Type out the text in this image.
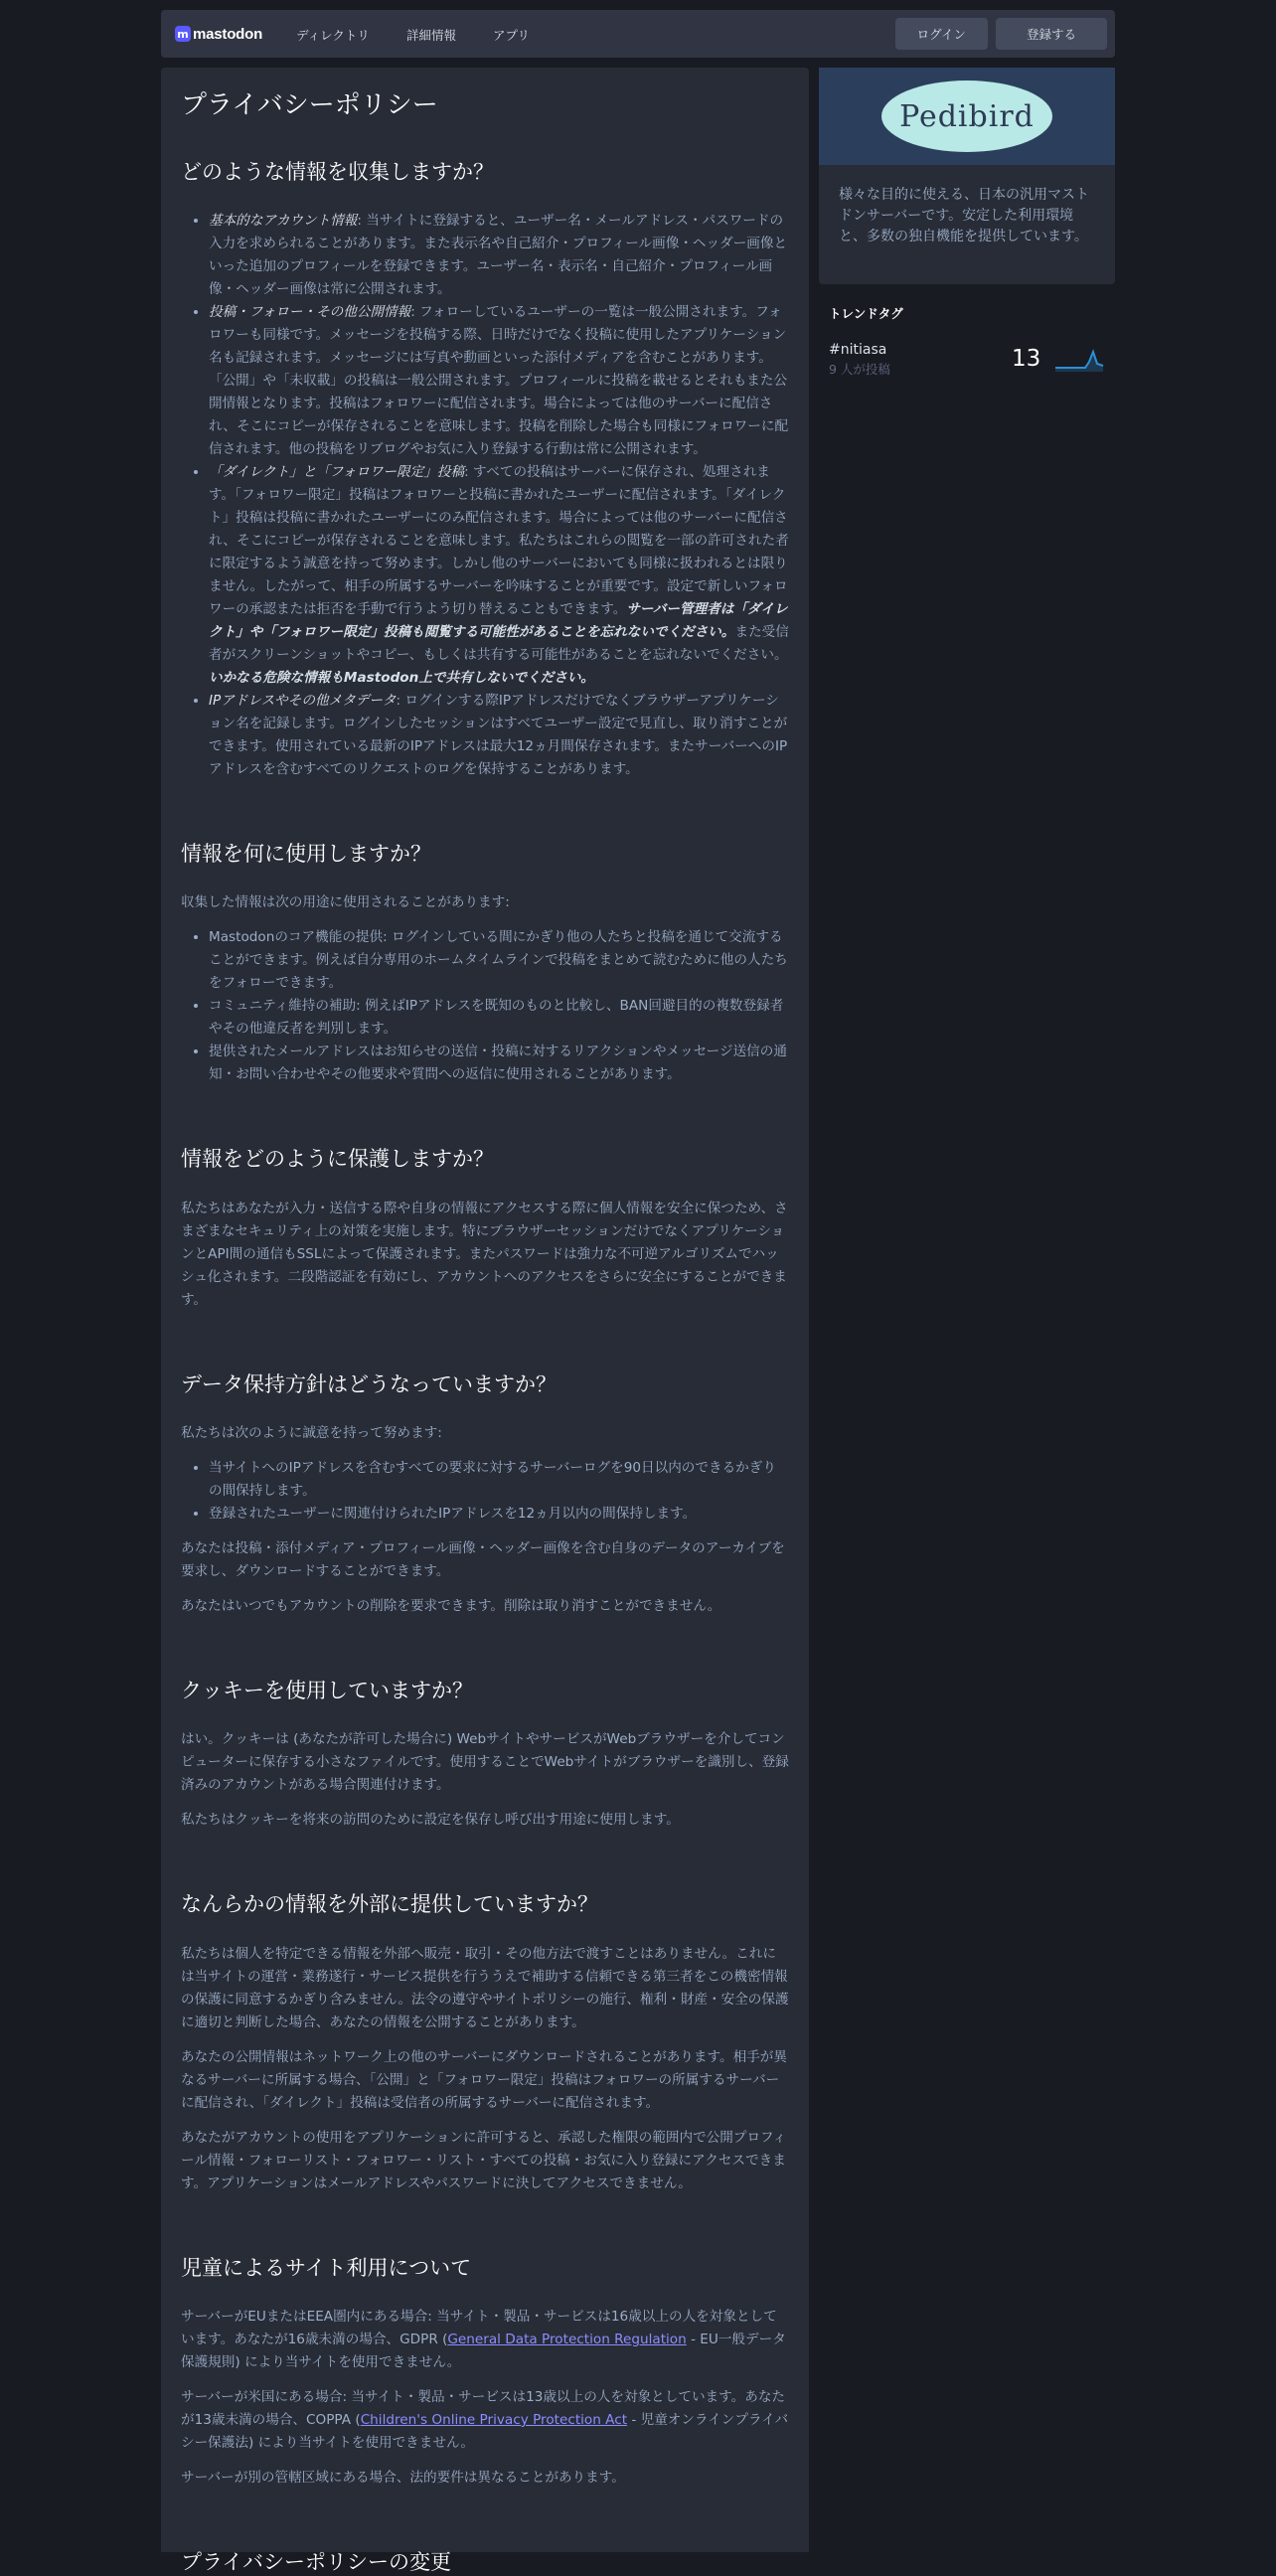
m mastodon	ディレクトリ	詳細情報	アプリ	ログイン	登録する
プライバシーポリシー
どのような情報を収集しますか？
• 基本的なアカウント情報: 当サイトに登録すると、ユーザー名・メールアドレス・パスワードの入力を求められることがあります。また表示名や自己紹介・プロフィール画像・ヘッダー画像といった追加のプロフィールを登録できます。ユーザー名・表示名・自己紹介・プロフィール画像・ヘッダー画像は常に公開されます。
• 投稿・フォロー・その他公開情報: フォローしているユーザーの一覧は一般公開されます。フォロワーも同様です。メッセージを投稿する際、日時だけでなく投稿に使用したアプリケーション名も記録されます。メッセージには写真や動画といった添付メディアを含むことがあります。「公開」や「未収載」の投稿は一般公開されます。プロフィールに投稿を載せるとそれもまた公開情報となります。投稿はフォロワーに配信されます。場合によっては他のサーバーに配信され、そこにコピーが保存されることを意味します。投稿を削除した場合も同様にフォロワーに配信されます。他の投稿をリブログやお気に入り登録する行動は常に公開されます。
• 「ダイレクト」と「フォロワー限定」投稿: すべての投稿はサーバーに保存され、処理されます。「フォロワー限定」投稿はフォロワーと投稿に書かれたユーザーに配信されます。「ダイレクト」投稿は投稿に書かれたユーザーにのみ配信されます。場合によっては他のサーバーに配信され、そこにコピーが保存されることを意味します。私たちはこれらの閲覧を一部の許可された者に限定するよう誠意を持って努めます。しかし他のサーバーにおいても同様に扱われるとは限りません。したがって、相手の所属するサーバーを吟味することが重要です。設定で新しいフォロワーの承認または拒否を手動で行うよう切り替えることもできます。サーバー管理者は「ダイレクト」や「フォロワー限定」投稿も閲覧する可能性があることを忘れないでください。また受信者がスクリーンショットやコピー、もしくは共有する可能性があることを忘れないでください。いかなる危険な情報もMastodon上で共有しないでください。
• IPアドレスやその他メタデータ: ログインする際IPアドレスだけでなくブラウザーアプリケーション名を記録します。ログインしたセッションはすべてユーザー設定で見直し、取り消すことができます。使用されている最新のIPアドレスは最大12ヵ月間保存されます。またサーバーへのIPアドレスを含むすべてのリクエストのログを保持することがあります。
情報を何に使用しますか？

収集した情報は次の用途に使用されることがあります:

• Mastodonのコア機能の提供: ログインしている間にかぎり他の人たちと投稿を通じて交流することができます。例えば自分専用のホームタイムラインで投稿をまとめて読むために他の人たちをフォローできます。
• コミュニティ維持の補助: 例えばIPアドレスを既知のものと比較し、BAN回避目的の複数登録者やその他違反者を判別します。
• 提供されたメールアドレスはお知らせの送信・投稿に対するリアクションやメッセージ送信の通知・お問い合わせやその他要求や質問への返信に使用されることがあります。
情報をどのように保護しますか？

私たちはあなたが入力・送信する際や自身の情報にアクセスする際に個人情報を安全に保つため、さまざまなセキュリティ上の対策を実施します。特にブラウザーセッションだけでなくアプリケーションとAPI間の通信もSSLによって保護されます。またパスワードは強力な不可逆アルゴリズムでハッシュ化されます。二段階認証を有効にし、アカウントへのアクセスをさらに安全にすることができます。

データ保持方針はどうなっていますか？

私たちは次のように誠意を持って努めます:

• 当サイトへのIPアドレスを含むすべての要求に対するサーバーログを90日以内のできるかぎりの間保持します。
• 登録されたユーザーに関連付けられたIPアドレスを12ヵ月以内の間保持します。

あなたは投稿・添付メディア・プロフィール画像・ヘッダー画像を含む自身のデータのアーカイブを要求し、ダウンロードすることができます。

あなたはいつでもアカウントの削除を要求できます。削除は取り消すことができません。

クッキーを使用していますか？

はい。クッキーは (あなたが許可した場合に) WebサイトやサービスがWebブラウザーを介してコンピューターに保存する小さなファイルです。使用することでWebサイトがブラウザーを識別し、登録済みのアカウントがある場合関連付けます。

私たちはクッキーを将来の訪問のために設定を保存し呼び出す用途に使用します。

なんらかの情報を外部に提供していますか？

私たちは個人を特定できる情報を外部へ販売・取引・その他方法で渡すことはありません。これには当サイトの運営・業務遂行・サービス提供を行ううえで補助する信頼できる第三者をこの機密情報の保護に同意するかぎり含みません。法令の遵守やサイトポリシーの施行、権利・財産・安全の保護に適切と判断した場合、あなたの情報を公開することがあります。

あなたの公開情報はネットワーク上の他のサーバーにダウンロードされることがあります。相手が異なるサーバーに所属する場合、「公開」と「フォロワー限定」投稿はフォロワーの所属するサーバーに配信され、「ダイレクト」投稿は受信者の所属するサーバーに配信されます。

あなたがアカウントの使用をアプリケーションに許可すると、承認した権限の範囲内で公開プロフィール情報・フォローリスト・フォロワー・リスト・すべての投稿・お気に入り登録にアクセスできます。アプリケーションはメールアドレスやパスワードに決してアクセスできません。

児童によるサイト利用について

サーバーがEUまたはEEA圏内にある場合: 当サイト・製品・サービスは16歳以上の人を対象としています。あなたが16歳未満の場合、GDPR (General Data Protection Regulation - EU一般データ保護規則) により当サイトを使用できません。

サーバーが米国にある場合: 当サイト・製品・サービスは13歳以上の人を対象としています。あなたが13歳未満の場合、COPPA (Children's Online Privacy Protection Act - 児童オンラインプライバシー保護法) により当サイトを使用できません。

サーバーが別の管轄区域にある場合、法的要件は異なることがあります。

プライバシーポリシーの変更
Pedibird
様々な目的に使える、日本の汎用マストドンサーバーです。安定した利用環境と、多数の独自機能を提供しています。
トレンドタグ
#nitiasa
9 人が投稿	13
